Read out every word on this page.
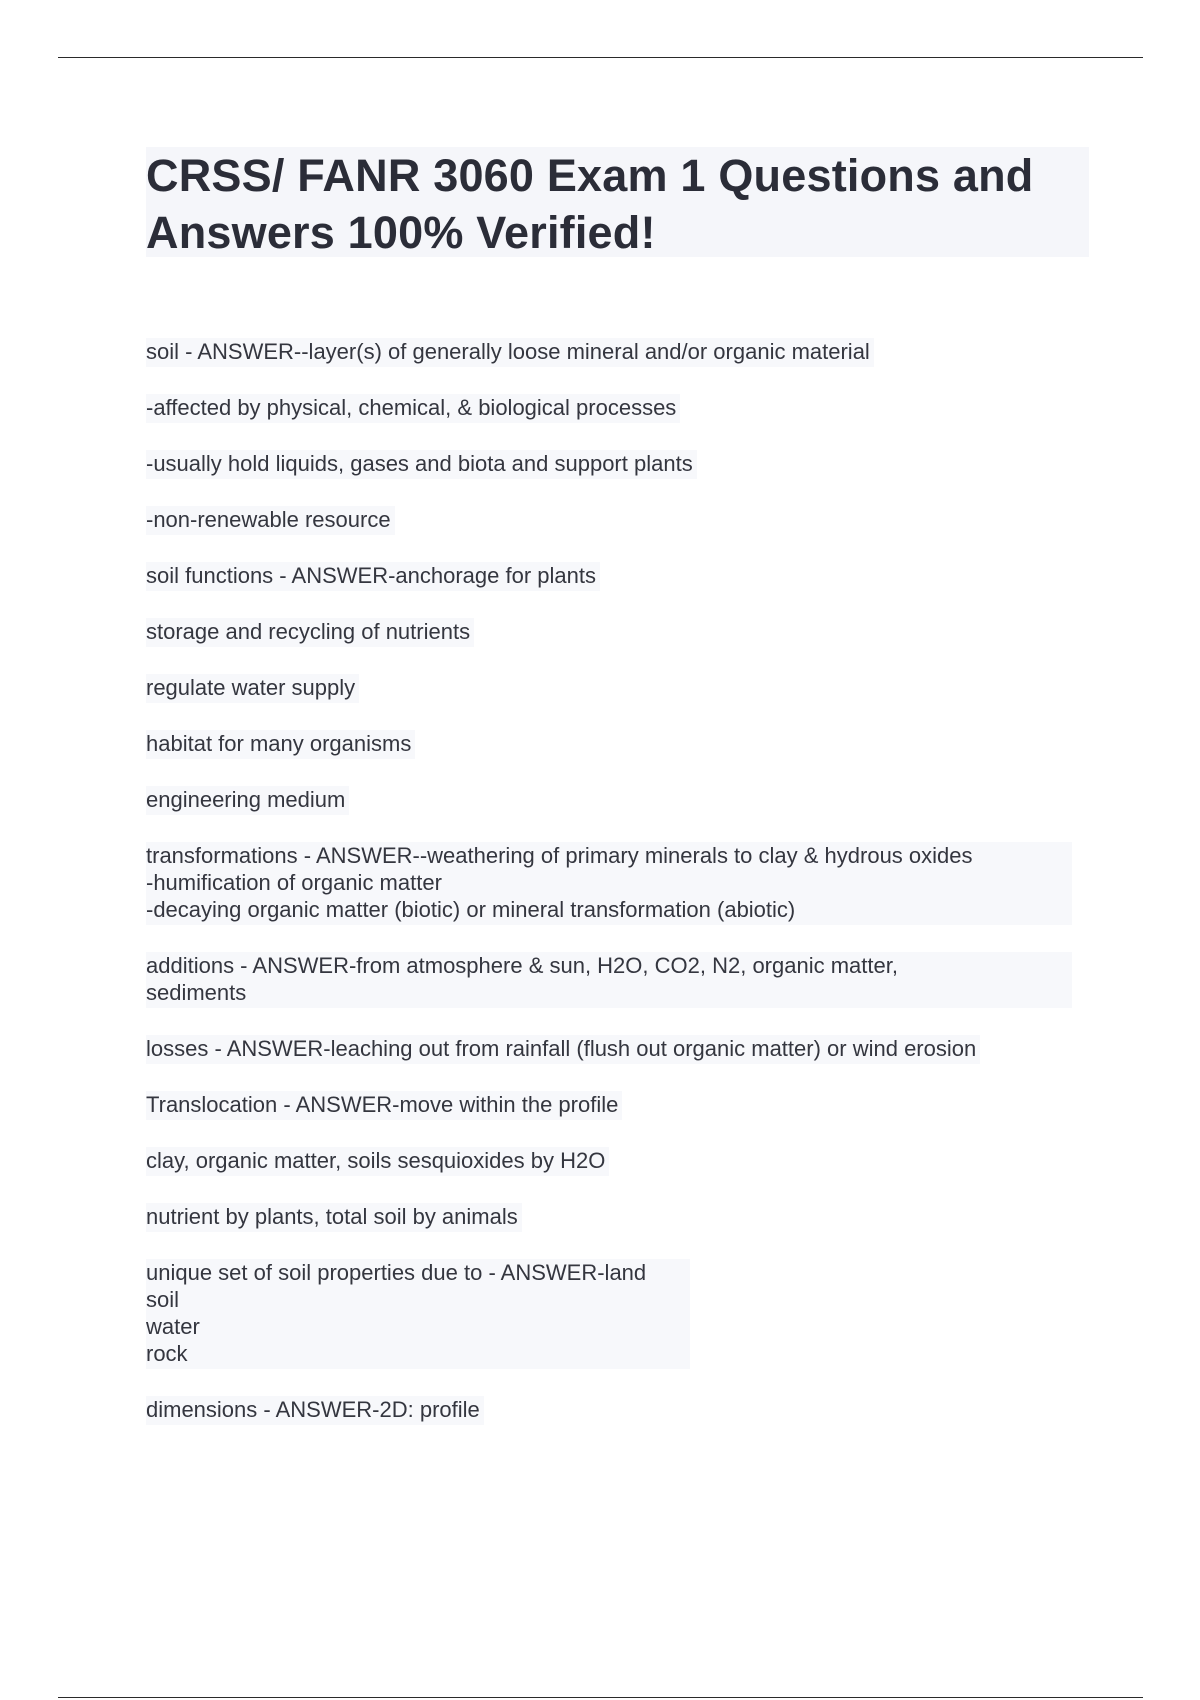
CRSS/ FANR 3060 Exam 1 Questions and Answers 100% Verified!
soil - ANSWER--layer(s) of generally loose mineral and/or organic material
-affected by physical, chemical, & biological processes
-usually hold liquids, gases and biota and support plants
-non-renewable resource
soil functions - ANSWER-anchorage for plants
storage and recycling of nutrients
regulate water supply
habitat for many organisms
engineering medium
transformations - ANSWER--weathering of primary minerals to clay & hydrous oxides
-humification of organic matter
-decaying organic matter (biotic) or mineral transformation (abiotic)
additions - ANSWER-from atmosphere & sun, H2O, CO2, N2, organic matter,
sediments
losses - ANSWER-leaching out from rainfall (flush out organic matter) or wind erosion
Translocation - ANSWER-move within the profile
clay, organic matter, soils sesquioxides by H2O
nutrient by plants, total soil by animals
unique set of soil properties due to - ANSWER-land
soil
water
rock
dimensions - ANSWER-2D: profile
